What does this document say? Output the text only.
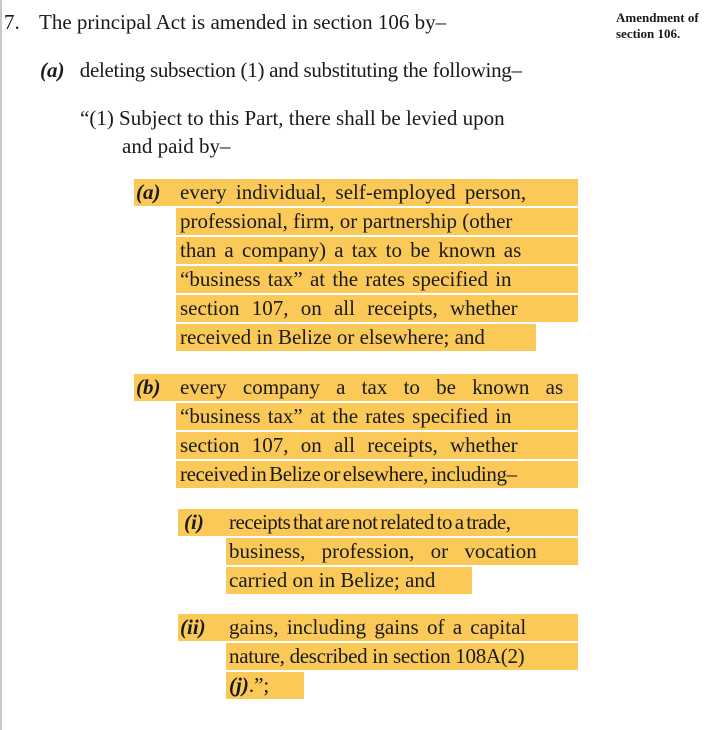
Amendment of
section 106.
7. The principal Act is amended in section 106 by–
(a) deleting subsection (1) and substituting the following–
“(1) Subject to this Part, there shall be levied upon
and paid by–
(a) every individual, self-employed person,
professional, firm, or partnership (other
than a company) a tax to be known as
“business tax” at the rates specified in
section 107, on all receipts, whether
received in Belize or elsewhere; and
(b) every company a tax to be known as
“business tax” at the rates specified in
section 107, on all receipts, whether
received in Belize or elsewhere, including–
(i) receipts that are not related to a trade,
business, profession, or vocation
carried on in Belize; and
(ii) gains, including gains of a capital
nature, described in section 108A(2)
(j).”;
